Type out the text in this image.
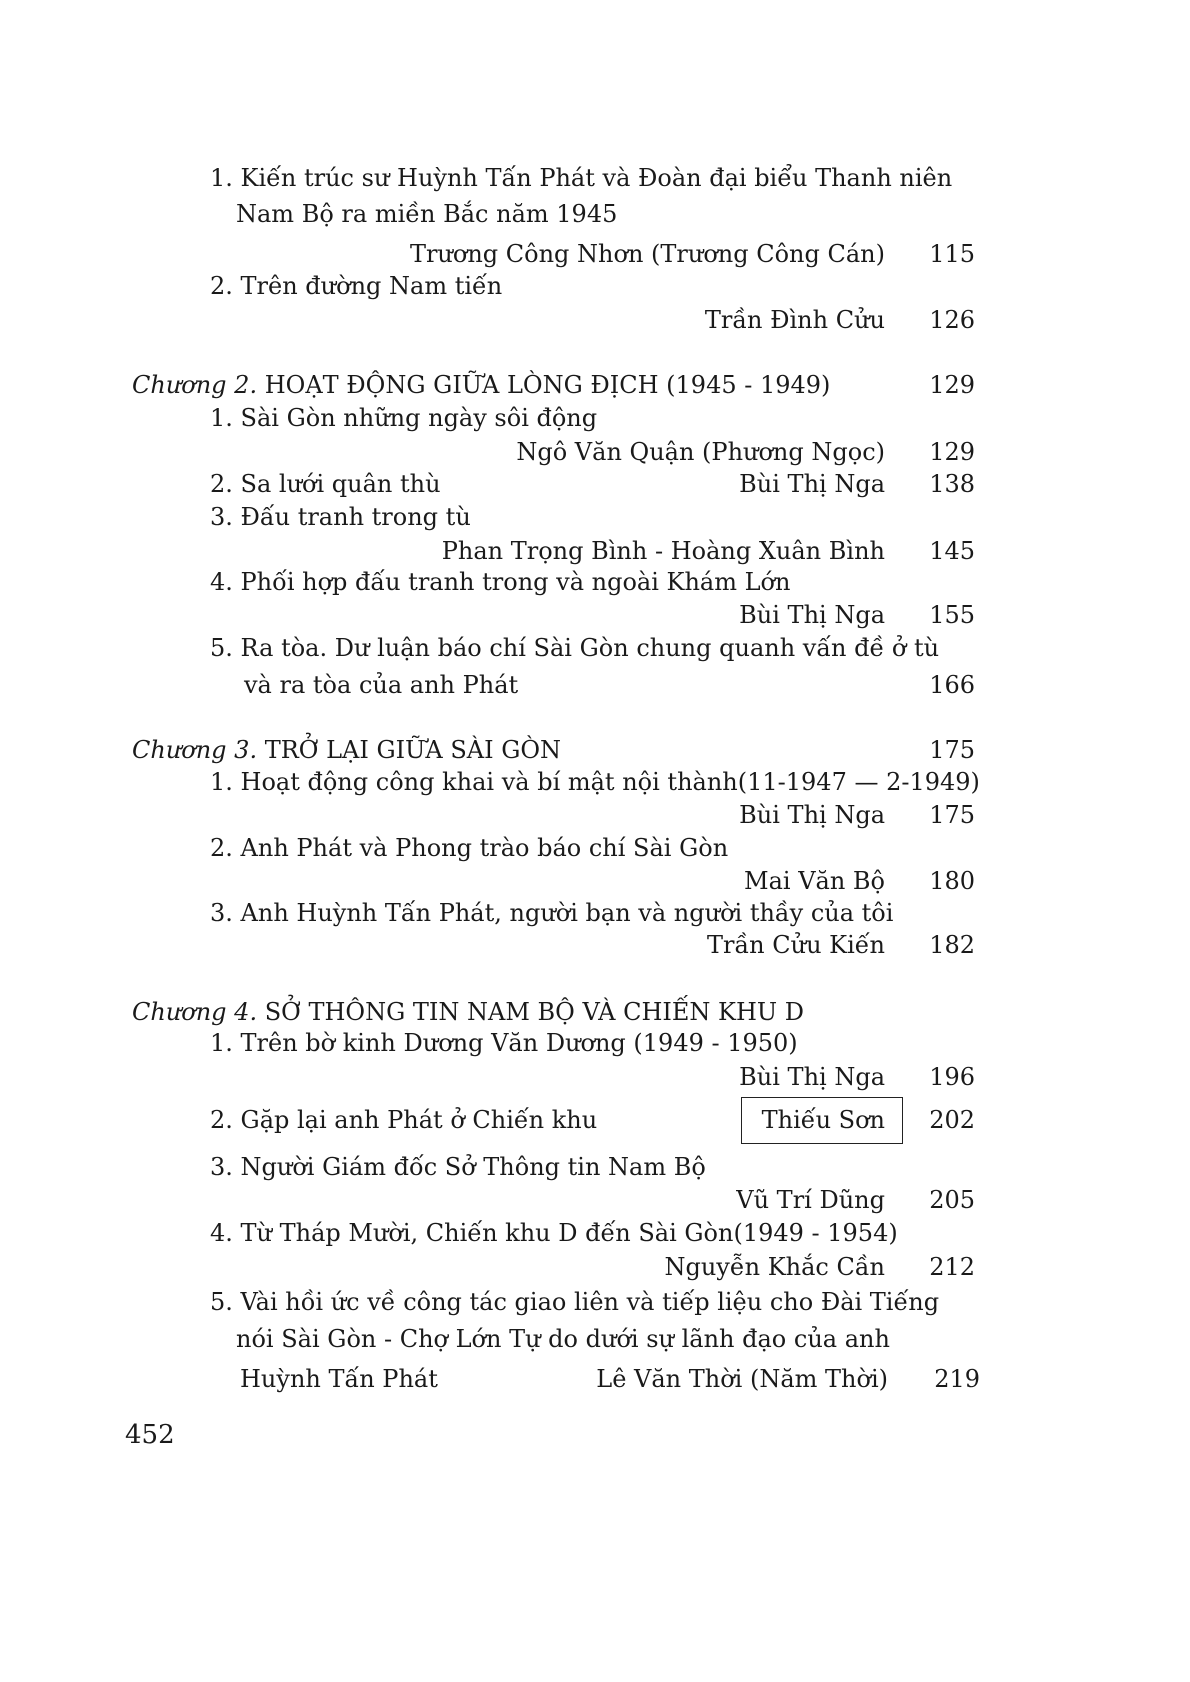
1. Kiến trúc sư Huỳnh Tấn Phát và Đoàn đại biểu Thanh niên
Nam Bộ ra miền Bắc năm 1945
Trương Công Nhơn (Trương Công Cán)	115
2. Trên đường Nam tiến
Trần Đình Cửu	126
Chương 2. HOẠT ĐỘNG GIỮA LÒNG ĐỊCH (1945 - 1949)	129
1. Sài Gòn những ngày sôi động
Ngô Văn Quận (Phương Ngọc)	129
2. Sa lưới quân thù	Bùi Thị Nga	138
3. Đấu tranh trong tù
Phan Trọng Bình - Hoàng Xuân Bình	145
4. Phối hợp đấu tranh trong và ngoài Khám Lớn
Bùi Thị Nga	155
5. Ra tòa. Dư luận báo chí Sài Gòn chung quanh vấn đề ở tù
và ra tòa của anh Phát	166
Chương 3. TRỞ LẠI GIỮA SÀI GÒN	175
1. Hoạt động công khai và bí mật nội thành(11-1947 — 2-1949)
Bùi Thị Nga	175
2. Anh Phát và Phong trào báo chí Sài Gòn
Mai Văn Bộ	180
3. Anh Huỳnh Tấn Phát, người bạn và người thầy của tôi
Trần Cửu Kiến	182
Chương 4. SỞ THÔNG TIN NAM BỘ VÀ CHIẾN KHU D
1. Trên bờ kinh Dương Văn Dương (1949 - 1950)
Bùi Thị Nga	196
2. Gặp lại anh Phát ở Chiến khu	Thiếu Sơn	202
3. Người Giám đốc Sở Thông tin Nam Bộ
Vũ Trí Dũng	205
4. Từ Tháp Mười, Chiến khu D đến Sài Gòn(1949 - 1954)
Nguyễn Khắc Cần	212
5. Vài hồi ức về công tác giao liên và tiếp liệu cho Đài Tiếng
nói Sài Gòn - Chợ Lớn Tự do dưới sự lãnh đạo của anh
Huỳnh Tấn Phát	Lê Văn Thời (Năm Thời)	219
452
